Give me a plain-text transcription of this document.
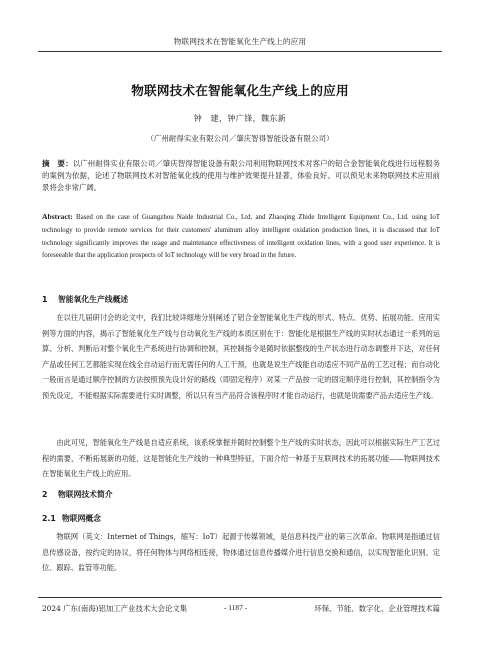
物联网技术在智能氧化生产线上的应用
物联网技术在智能氧化生产线上的应用
钟　建，钟广锋，魏东新
（广州耐得实业有限公司／肇庆智得智能设备有限公司）
摘　要：以广州耐得实业有限公司／肇庆智得智能设备有限公司利用物联网技术对客户的铝合金智能氧化线进行远程服务的案例为依据，论述了物联网技术对智能氧化线的使用与维护效果提升显著，体验良好。可以预见未来物联网技术应用前景将会非常广阔。
Abstract: Based on the case of Guangzhou Naide Industrial Co., Ltd. and Zhaoqing Zhide Intelligent Equipment Co., Ltd. using IoT technology to provide remote services for their customers' aluminum alloy intelligent oxidation production lines, it is discussed that IoT technology significantly improves the usage and maintenance effectiveness of intelligent oxidation lines, with a good user experience. It is foreseeable that the application prospects of IoT technology will be very broad in the future.
1 智能氧化生产线概述
在以往几届研讨会的论文中，我们比较详细地分别阐述了铝合金智能氧化生产线的形式、特点、优势、拓展功能、应用实例等方面的内容，揭示了智能氧化生产线与自动氧化生产线的本质区别在于：智能化是根据生产线的实时状态通过一系列的运算、分析、判断后对整个氧化生产系统进行协调和控制，其控制指令是随时依据整线的生产状态进行动态调整并下达，对任何产品或任何工艺都能实现在线全自动运行而无需任何的人工干预，也就是说生产线能自动适应不同产品的工艺过程；而自动化一般而言是通过顺序控制的方法按照预先设计好的路线（即固定程序）对某一产品按一定的固定顺序进行控制，其控制指令为预先设定，不能根据实际需要进行实时调整，所以只有当产品符合该程序时才能自动运行，也就是说需要产品去适应生产线。
由此可见，智能氧化生产线是自适应系统，该系统掌握并随时控制整个生产线的实时状态，因此可以根据实际生产工艺过程的需要，不断拓展新的功能，这是智能化生产线的一种典型特征，下面介绍一种基于互联网技术的拓展功能——物联网技术在智能氧化生产线上的应用。
2 物联网技术简介
2.1 物联网概念
物联网（英文：Internet of Things，缩写：IoT）起源于传媒领域，是信息科技产业的第三次革命。物联网是指通过信息传感设备，按约定的协议，将任何物体与网络相连接，物体通过信息传播媒介进行信息交换和通信，以实现智能化识别、定位、跟踪、监管等功能。
2024 广东(南海)铝加工产业技术大会论文集	- 1187 -	环保、节能、数字化、企业管理技术篇
